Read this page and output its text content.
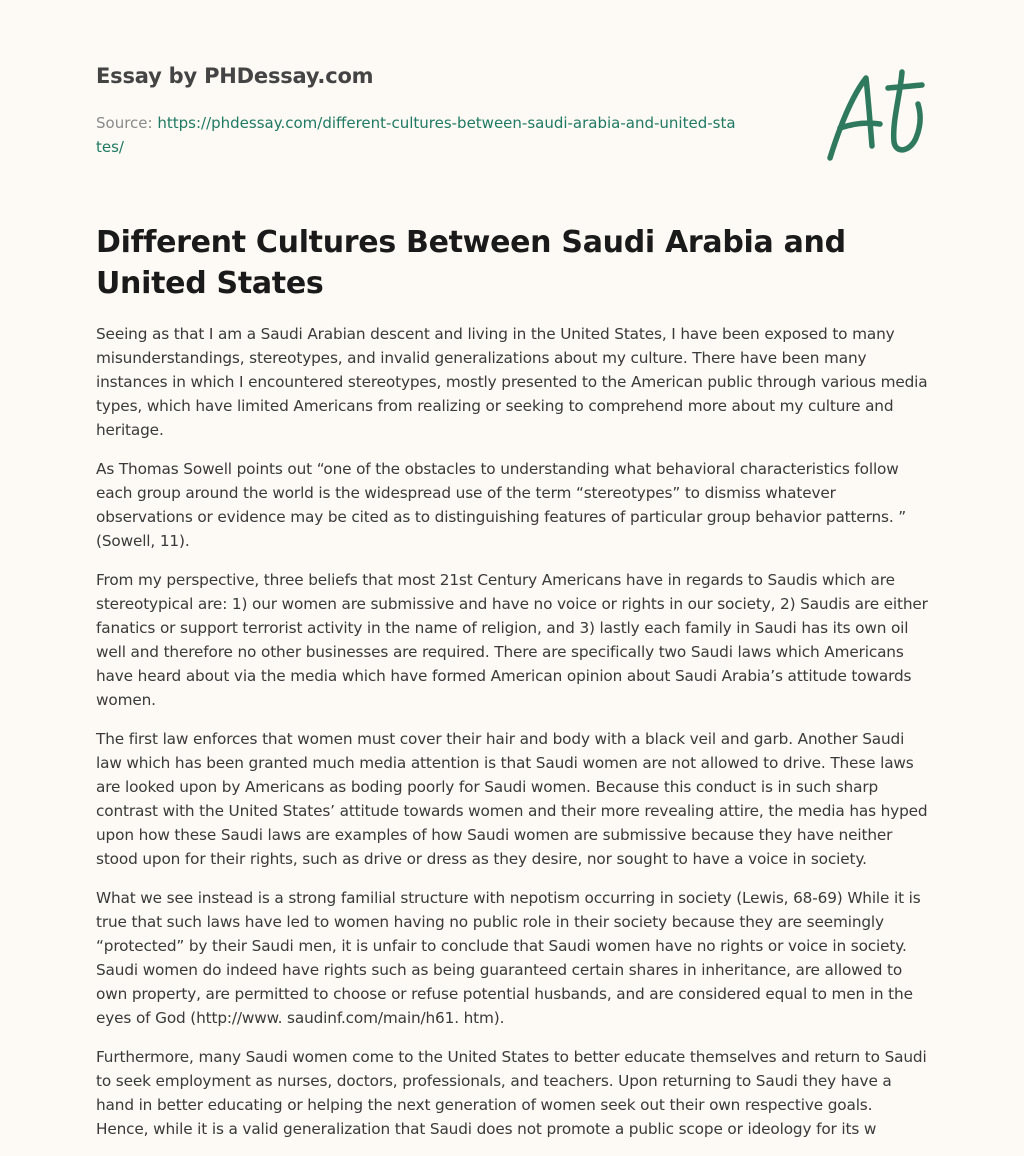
Essay by PHDessay.com
Source: https://phdessay.com/different-cultures-between-saudi-arabia-and-united-states/
Different Cultures Between Saudi Arabia and United States

Seeing as that I am a Saudi Arabian descent and living in the United States, I have been exposed to many misunderstandings, stereotypes, and invalid generalizations about my culture. There have been many instances in which I encountered stereotypes, mostly presented to the American public through various media types, which have limited Americans from realizing or seeking to comprehend more about my culture and heritage.

As Thomas Sowell points out “one of the obstacles to understanding what behavioral characteristics follow each group around the world is the widespread use of the term “stereotypes” to dismiss whatever observations or evidence may be cited as to distinguishing features of particular group behavior patterns. ” (Sowell, 11).

From my perspective, three beliefs that most 21st Century Americans have in regards to Saudis which are stereotypical are: 1) our women are submissive and have no voice or rights in our society, 2) Saudis are either fanatics or support terrorist activity in the name of religion, and 3) lastly each family in Saudi has its own oil well and therefore no other businesses are required. There are specifically two Saudi laws which Americans have heard about via the media which have formed American opinion about Saudi Arabia’s attitude towards women.

The first law enforces that women must cover their hair and body with a black veil and garb. Another Saudi law which has been granted much media attention is that Saudi women are not allowed to drive. These laws are looked upon by Americans as boding poorly for Saudi women. Because this conduct is in such sharp contrast with the United States’ attitude towards women and their more revealing attire, the media has hyped upon how these Saudi laws are examples of how Saudi women are submissive because they have neither stood upon for their rights, such as drive or dress as they desire, nor sought to have a voice in society.

What we see instead is a strong familial structure with nepotism occurring in society (Lewis, 68-69) While it is true that such laws have led to women having no public role in their society because they are seemingly “protected” by their Saudi men, it is unfair to conclude that Saudi women have no rights or voice in society. Saudi women do indeed have rights such as being guaranteed certain shares in inheritance, are allowed to own property, are permitted to choose or refuse potential husbands, and are considered equal to men in the eyes of God (http://www. saudinf.com/main/h61. htm).

Furthermore, many Saudi women come to the United States to better educate themselves and return to Saudi to seek employment as nurses, doctors, professionals, and teachers. Upon returning to Saudi they have a hand in better educating or helping the next generation of women seek out their own respective goals. Hence, while it is a valid generalization that Saudi does not promote a public scope or ideology for its w
